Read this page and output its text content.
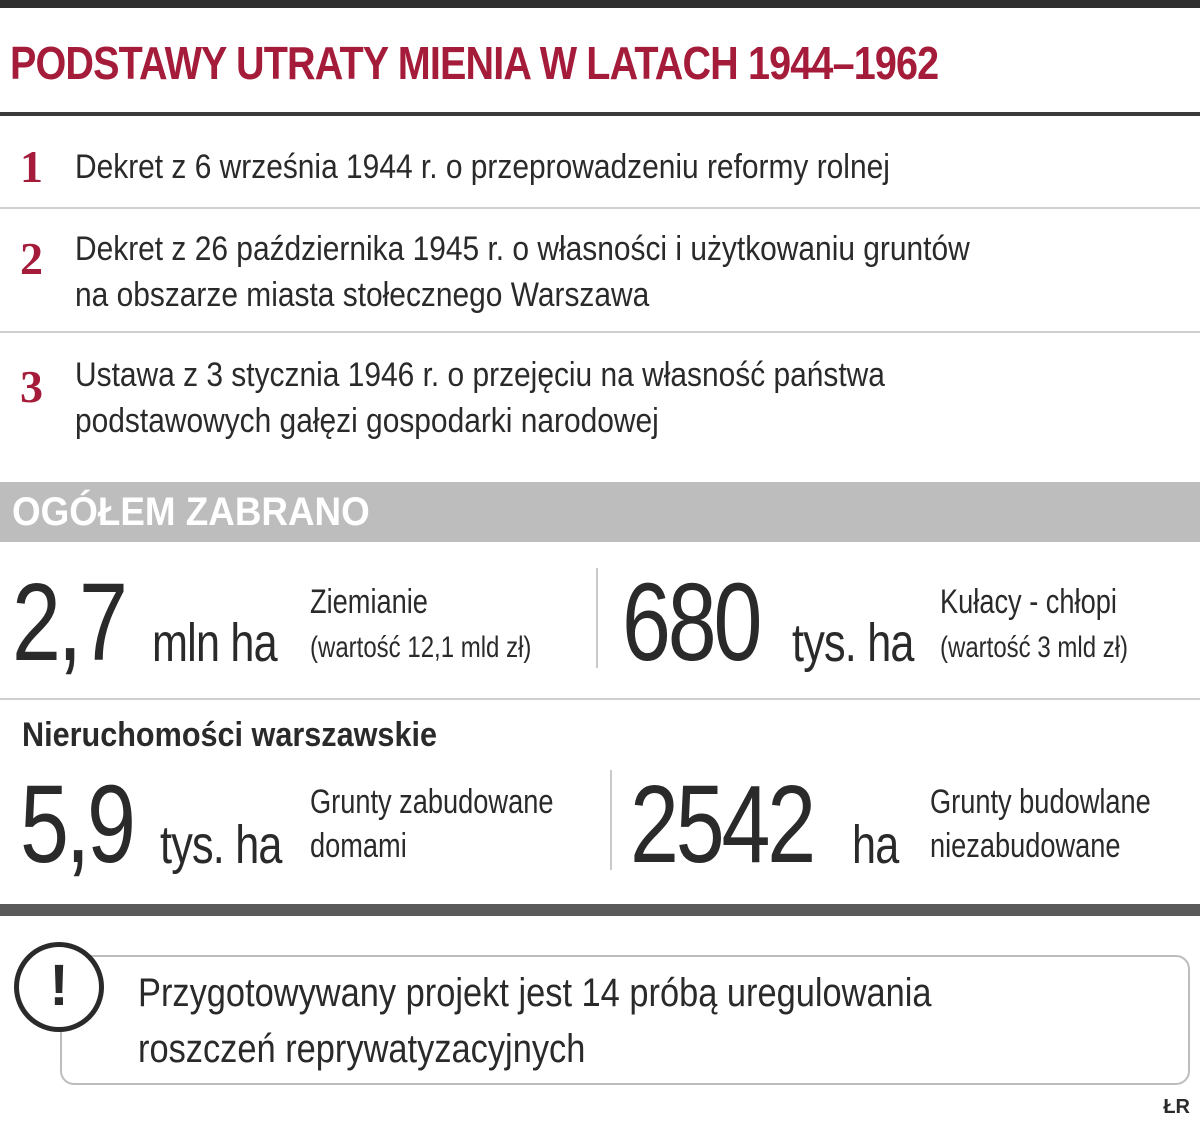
PODSTAWY UTRATY MIENIA W LATACH 1944–1962
1
2 Dekret z 26 października 1945 r. o własności i użytkowaniu gruntów
na obszarze miasta stołecznego Warszawa
3 Ustawa z 3 stycznia 1946 r. o przejęciu na własność państwa
podstawowych gałęzi gospodarki narodowej
OGÓŁEM ZABRANO
2,7 mln ha
Ziemianie
(wartość 12,1 mld zł) 680 tys. ha
Kułacy - chłopi
(wartość 3 mld zł)
Nieruchomości warszawskie
5,9 tys. ha
Grunty zabudowane
domami 2542 ha
Grunty budowlane
niezabudowane
!	Przygotowywany projekt jest 14 próbą uregulowania
roszczeń reprywatyzacyjnych
ŁR
Dekret z 6 września 1944 r. o przeprowadzeniu reformy rolnej
